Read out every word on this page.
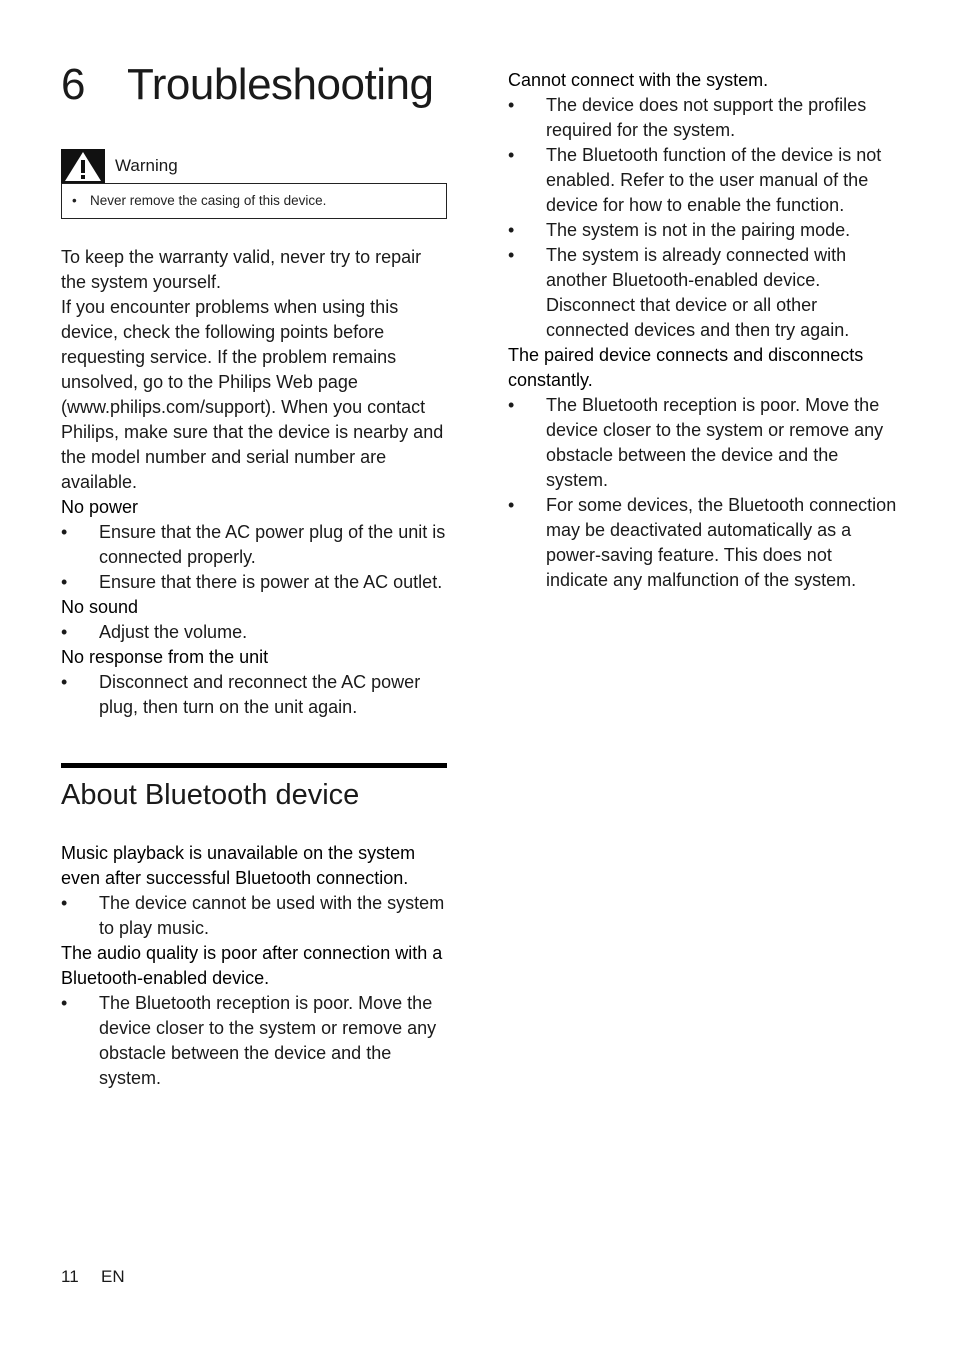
6 Troubleshooting
Warning
• Never remove the casing of this device.

To keep the warranty valid, never try to repair the system yourself.

If you encounter problems when using this device, check the following points before requesting service. If the problem remains unsolved, go to the Philips Web page (www.philips.com/support). When you contact Philips, make sure that the device is nearby and the model number and serial number are available.

No power

•	Ensure that the AC power plug of the unit is connected properly.
•	Ensure that there is power at the AC outlet.

No sound

•	Adjust the volume.

No response from the unit

•	Disconnect and reconnect the AC power plug, then turn on the unit again.
About Bluetooth device

Music playback is unavailable on the system even after successful Bluetooth connection.

•	The device cannot be used with the system to play music.

The audio quality is poor after connection with a Bluetooth-enabled device.

•	The Bluetooth reception is poor. Move the device closer to the system or remove any obstacle between the device and the system.

Cannot connect with the system.

•	The device does not support the profiles required for the system.
•	The Bluetooth function of the device is not enabled. Refer to the user manual of the device for how to enable the function.
•	The system is not in the pairing mode.
•	The system is already connected with another Bluetooth-enabled device. Disconnect that device or all other connected devices and then try again.

The paired device connects and disconnects constantly.

•	The Bluetooth reception is poor. Move the device closer to the system or remove any obstacle between the device and the system.
•	For some devices, the Bluetooth connection may be deactivated automatically as a power-saving feature. This does not indicate any malfunction of the system.
11	EN
